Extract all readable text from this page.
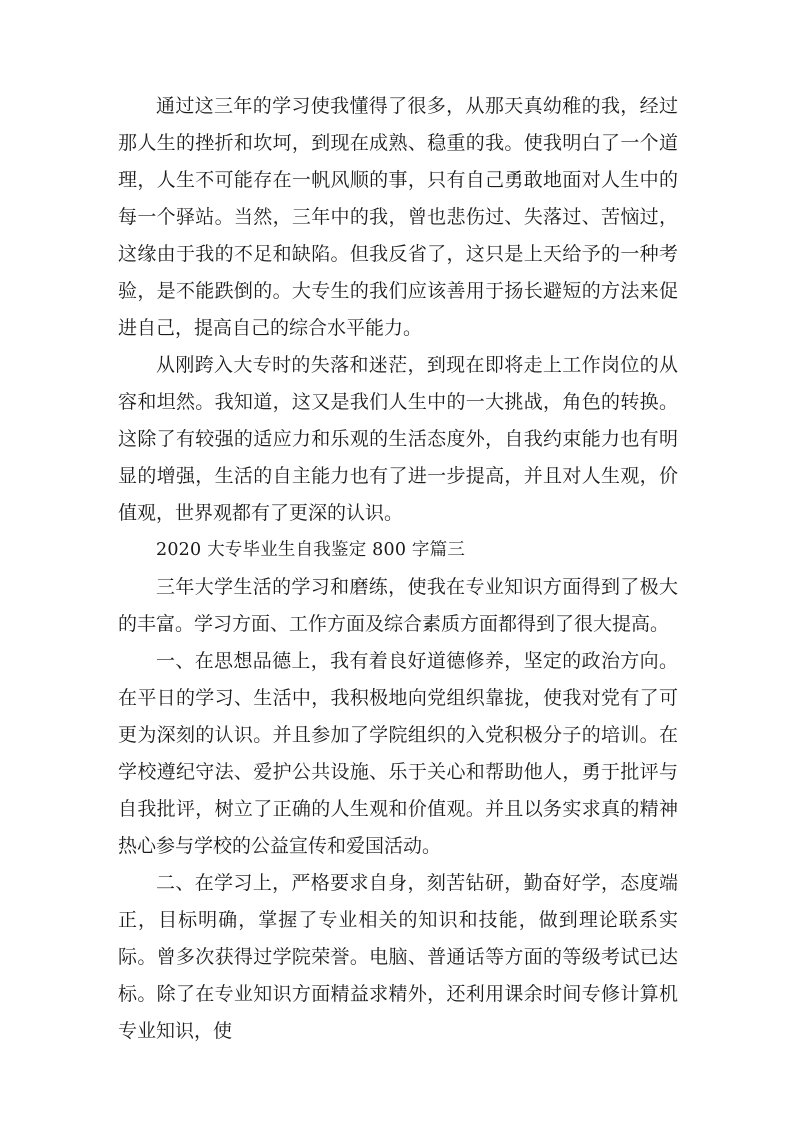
通过这三年的学习使我懂得了很多，从那天真幼稚的我，经过那人生的挫折和坎坷，到现在成熟、稳重的我。使我明白了一个道理，人生不可能存在一帆风顺的事，只有自己勇敢地面对人生中的每一个驿站。当然，三年中的我，曾也悲伤过、失落过、苦恼过，这缘由于我的不足和缺陷。但我反省了，这只是上天给予的一种考验，是不能跌倒的。大专生的我们应该善用于扬长避短的方法来促进自己，提高自己的综合水平能力。

从刚跨入大专时的失落和迷茫，到现在即将走上工作岗位的从容和坦然。我知道，这又是我们人生中的一大挑战，角色的转换。这除了有较强的适应力和乐观的生活态度外，自我约束能力也有明显的增强，生活的自主能力也有了进一步提高，并且对人生观，价值观，世界观都有了更深的认识。

2020 大专毕业生自我鉴定 800 字篇三

三年大学生活的学习和磨练，使我在专业知识方面得到了极大的丰富。学习方面、工作方面及综合素质方面都得到了很大提高。

一、在思想品德上，我有着良好道德修养，坚定的政治方向。在平日的学习、生活中，我积极地向党组织靠拢，使我对党有了可更为深刻的认识。并且参加了学院组织的入党积极分子的培训。在学校遵纪守法、爱护公共设施、乐于关心和帮助他人，勇于批评与自我批评，树立了正确的人生观和价值观。并且以务实求真的精神热心参与学校的公益宣传和爱国活动。

二、在学习上，严格要求自身，刻苦钻研，勤奋好学，态度端正，目标明确，掌握了专业相关的知识和技能，做到理论联系实际。曾多次获得过学院荣誉。电脑、普通话等方面的等级考试已达标。除了在专业知识方面精益求精外，还利用课余时间专修计算机专业知识，使
